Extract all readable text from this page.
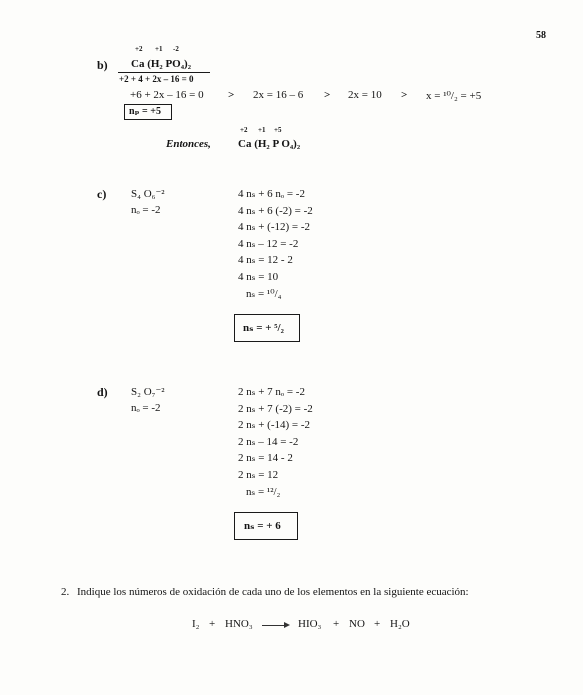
58
b)
+2 +1 -2
Ca (H₂ PO₄)₂
+2 + 4 + 2x – 16 = 0
+6 + 2x – 16 = 0 > 2x = 16 – 6 > 2x = 10 > x = ¹⁰/₂ = +5
nₚ = +5
Entonces,
+2 +1 +5
Ca (H₂ P O₄)₂
c) S₄ O₆⁻²
nₒ = -2
4 nₛ + 6 nₒ = -2
4 nₛ + 6 (-2) = -2
4 nₛ + (-12) = -2
4 nₛ – 12 = -2
4 nₛ = 12 - 2
4 nₛ = 10
nₛ = ¹⁰/₄
nₛ = + ⁵/₂
d) S₂ O₇⁻²
nₒ = -2
2 nₛ + 7 nₒ = -2
2 nₛ + 7 (-2) = -2
2 nₛ + (-14) = -2
2 nₛ – 14 = -2
2 nₛ = 14 - 2
2 nₛ = 12
nₛ = ¹²/₂
nₛ = + 6
2. Indique los números de oxidación de cada uno de los elementos en la siguiente ecuación:
I₂ + HNO₃ → HIO₃ + NO + H₂O
